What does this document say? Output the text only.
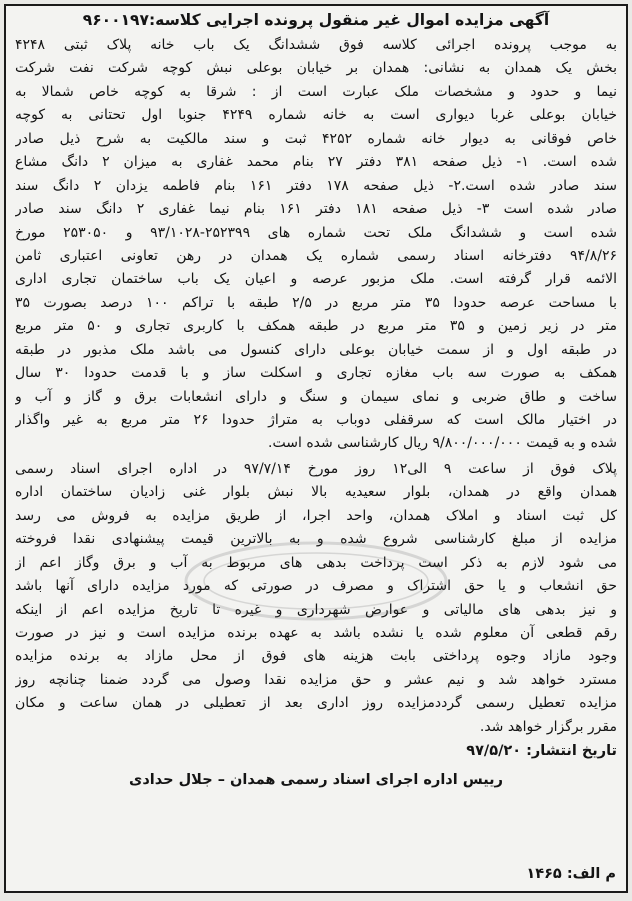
آگهی مزایده اموال غیر منقول پرونده اجرایی کلاسه:۹۶۰۰۱۹۷
به موجب پرونده اجرائی کلاسه فوق ششدانگ یک باب خانه پلاک ثبتی ۴۲۴۸
بخش یک همدان به نشانی: همدان بر خیابان بوعلی نبش کوچه شرکت نفت شرکت
نیما و حدود و مشخصات ملک عبارت است از : شرقا به کوچه خاص شمالا به
خیابان بوعلی غربا دیواری است به خانه شماره ۴۲۴۹ جنوبا اول تحتانی به کوچه
خاص فوقانی به دیوار خانه شماره ۴۲۵۲ ثبت و سند مالکیت به شرح ذیل صادر
شده است. ۱- ذیل صفحه ۳۸۱ دفتر ۲۷ بنام محمد غفاری به میزان ۲ دانگ مشاع
سند صادر شده است.۲- ذیل صفحه ۱۷۸ دفتر ۱۶۱ بنام فاطمه یزدان ۲ دانگ سند
صادر شده است ۳- ذیل صفحه ۱۸۱ دفتر ۱۶۱ بنام نیما غفاری ۲ دانگ سند صادر
شده است و ششدانگ ملک تحت شماره های ۲۵۲۳۹۹-۹۳/۱۰۲۸ و ۲۵۳۰۵۰ مورخ
۹۴/۸/۲۶ دفترخانه اسناد رسمی شماره یک همدان در رهن تعاونی اعتباری ثامن
الائمه قرار گرفته است. ملک مزبور عرصه و اعیان یک باب ساختمان تجاری اداری
با مساحت عرصه حدودا ۳۵ متر مربع در ۲/۵ طبقه با تراکم ۱۰۰ درصد بصورت ۳۵
متر در زیر زمین و ۳۵ متر مربع در طبقه همکف با کاربری تجاری و ۵۰ متر مربع
در طبقه اول و از سمت خیابان بوعلی دارای کنسول می باشد ملک مذبور در طبقه
همکف به صورت سه باب مغازه تجاری و اسکلت ساز و با قدمت حدودا ۳۰ سال
ساخت و طاق ضربی و نمای سیمان و سنگ و دارای انشعابات برق و گاز و آب و
در اختیار مالک است که سرقفلی دوباب به متراژ حدودا ۲۶ متر مربع به غیر واگذار
شده و به قیمت ۹/۸۰۰/۰۰۰/۰۰۰ ریال کارشناسی شده است.
پلاک فوق از ساعت ۹ الی۱۲ روز مورخ ۹۷/۷/۱۴ در اداره اجرای اسناد رسمی
همدان واقع در همدان، بلوار سعیدیه بالا نبش بلوار غنی زادیان ساختمان اداره
کل ثبت اسناد و املاک همدان، واحد اجرا، از طریق مزایده به فروش می رسد
مزایده از مبلغ کارشناسی شروع شده و به بالاترین قیمت پیشنهادی نقدا فروخته
می شود لازم به ذکر است پرداخت بدهی های مربوط به آب و برق وگاز اعم از
حق انشعاب و یا حق اشتراک و مصرف در صورتی که مورد مزایده دارای آنها باشد
و نیز بدهی های مالیاتی و عوارض شهرداری و غیره تا تاریخ مزایده اعم از اینکه
رقم قطعی آن معلوم شده یا نشده باشد به عهده برنده مزایده است و نیز در صورت
وجود مازاد وجوه پرداختی بابت هزینه های فوق از محل مازاد به برنده مزایده
مسترد خواهد شد و نیم عشر و حق مزایده نقدا وصول می گردد ضمنا چنانچه روز
مزایده تعطیل رسمی گرددمزایده روز اداری بعد از تعطیلی در همان ساعت و مکان
مقرر برگزار خواهد شد.
تاریخ انتشار: ۹۷/۵/۲۰
رییس اداره اجرای اسناد رسمی همدان – جلال حدادی
م الف: ۱۴۶۵
